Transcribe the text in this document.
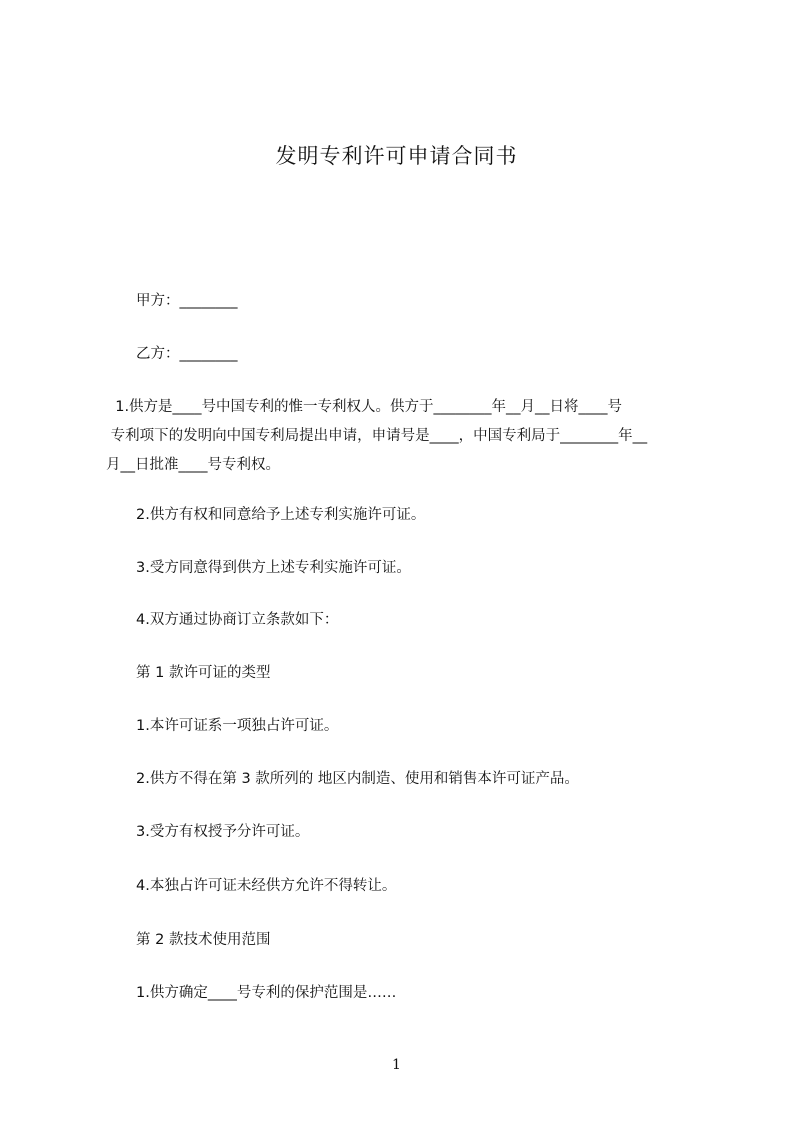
发明专利许可申请合同书
甲方：________
乙方：________
1.供方是____号中国专利的惟一专利权人。供方于________年__月__日将____号
专利项下的发明向中国专利局提出申请，申请号是____，中国专利局于________年__
月__日批准____号专利权。
2.供方有权和同意给予上述专利实施许可证。
3.受方同意得到供方上述专利实施许可证。
4.双方通过协商订立条款如下：
第 1 款许可证的类型
1.本许可证系一项独占许可证。
2.供方不得在第 3 款所列的 地区内制造、使用和销售本许可证产品。
3.受方有权授予分许可证。
4.本独占许可证未经供方允许不得转让。
第 2 款技术使用范围
1.供方确定____号专利的保护范围是……
1
